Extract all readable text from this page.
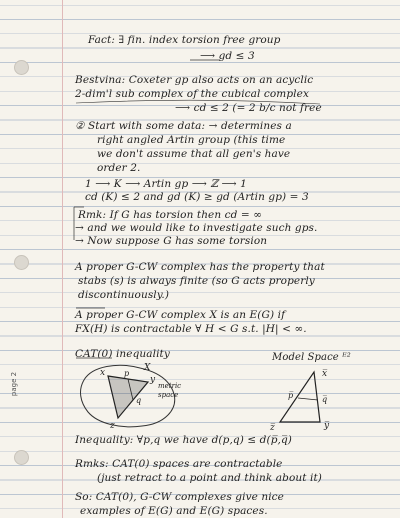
Fact: ∃ fin. index torsion free group
⟶ gd ≤ 3
Bestvina: Coxeter gp also acts on an acyclic
2-dim'l sub complex of the cubical complex
⟶ cd ≤ 2 (= 2 b/c not free
② Start with some data: → determines a
right angled Artin group (this time
we don't assume that all gen's have
order 2.
1 ⟶ K ⟶ Artin gp ⟶ ℤ ⟶ 1
cd (K) ≤ 2 and gd (K) ≥ gd (Artin gp) = 3
Rmk: If G has torsion then cd = ∞
→ and we would like to investigate such gps.
→ Now suppose G has some torsion
A proper G-CW complex has the property that
stabs (s) is always finite (so G acts properly
discontinuously.)
A proper G-CW complex X is an E(G) if
FX(H) is contractable ∀ H < G s.t. |H| < ∞.
CAT(0) inequality	Model Space ᴱ²
Inequality: ∀p,q we have d(p,q) ≤ d(p̅,q̅)
Rmks: CAT(0) spaces are contractable
(just retract to a point and think about it)
So: CAT(0), G-CW complexes give nice
examples of E(G) and E(G) spaces.
x
y
z
p
q
X
metric
space
x̅
y̅
z̅
p̅	q̅
page 2
